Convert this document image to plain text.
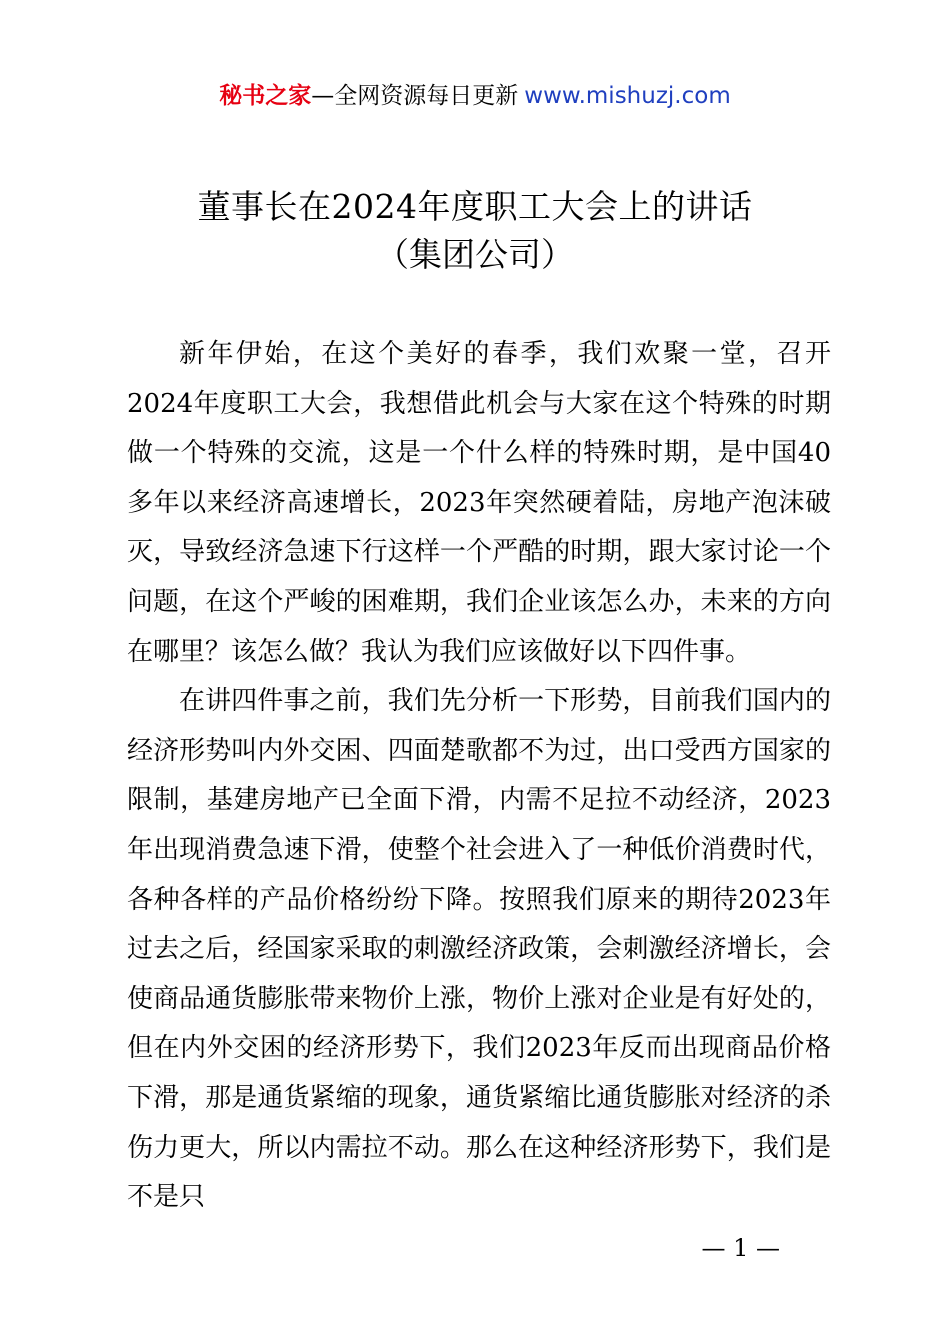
秘书之家—全网资源每日更新 www.mishuzj.com
董事长在2024年度职工大会上的讲话
（集团公司）

新年伊始，在这个美好的春季，我们欢聚一堂，召开2024年度职工大会，我想借此机会与大家在这个特殊的时期做一个特殊的交流，这是一个什么样的特殊时期，是中国40多年以来经济高速增长，2023年突然硬着陆，房地产泡沫破灭，导致经济急速下行这样一个严酷的时期，跟大家讨论一个问题，在这个严峻的困难期，我们企业该怎么办，未来的方向在哪里？该怎么做？我认为我们应该做好以下四件事。

在讲四件事之前，我们先分析一下形势，目前我们国内的经济形势叫内外交困、四面楚歌都不为过，出口受西方国家的限制，基建房地产已全面下滑，内需不足拉不动经济，2023年出现消费急速下滑，使整个社会进入了一种低价消费时代，各种各样的产品价格纷纷下降。按照我们原来的期待2023年过去之后，经国家采取的刺激经济政策，会刺激经济增长，会使商品通货膨胀带来物价上涨，物价上涨对企业是有好处的，但在内外交困的经济形势下，我们2023年反而出现商品价格下滑，那是通货紧缩的现象，通货紧缩比通货膨胀对经济的杀伤力更大，所以内需拉不动。那么在这种经济形势下，我们是不是只

— 1 —
